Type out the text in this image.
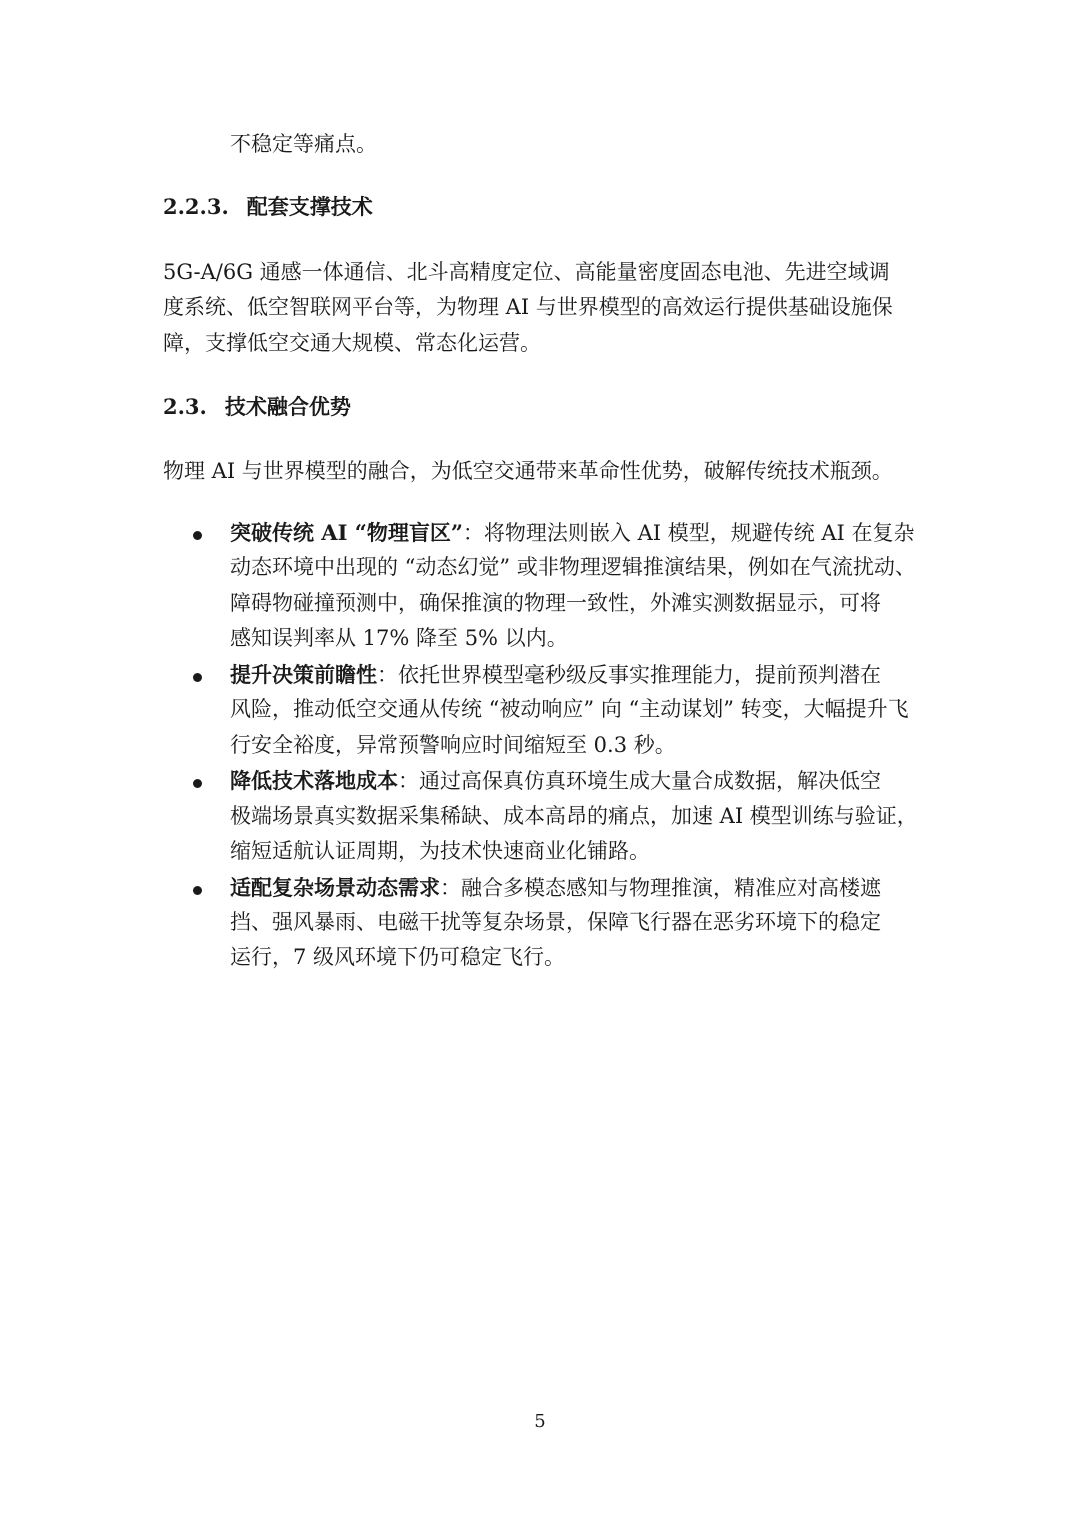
不稳定等痛点。
2.2.3. 配套支撑技术
5G-A/6G 通感一体通信、北斗高精度定位、高能量密度固态电池、先进空域调
度系统、低空智联网平台等，为物理 AI 与世界模型的高效运行提供基础设施保
障，支撑低空交通大规模、常态化运营。
2.3. 技术融合优势
物理 AI 与世界模型的融合，为低空交通带来革命性优势，破解传统技术瓶颈。
突破传统 AI “物理盲区”：将物理法则嵌入 AI 模型，规避传统 AI 在复杂
动态环境中出现的 “动态幻觉” 或非物理逻辑推演结果，例如在气流扰动、
障碍物碰撞预测中，确保推演的物理一致性，外滩实测数据显示，可将
感知误判率从 17% 降至 5% 以内。
提升决策前瞻性：依托世界模型毫秒级反事实推理能力，提前预判潜在
风险，推动低空交通从传统 “被动响应” 向 “主动谋划” 转变，大幅提升飞
行安全裕度，异常预警响应时间缩短至 0.3 秒。
降低技术落地成本：通过高保真仿真环境生成大量合成数据，解决低空
极端场景真实数据采集稀缺、成本高昂的痛点，加速 AI 模型训练与验证，
缩短适航认证周期，为技术快速商业化铺路。
适配复杂场景动态需求：融合多模态感知与物理推演，精准应对高楼遮
挡、强风暴雨、电磁干扰等复杂场景，保障飞行器在恶劣环境下的稳定
运行，7 级风环境下仍可稳定飞行。
5
